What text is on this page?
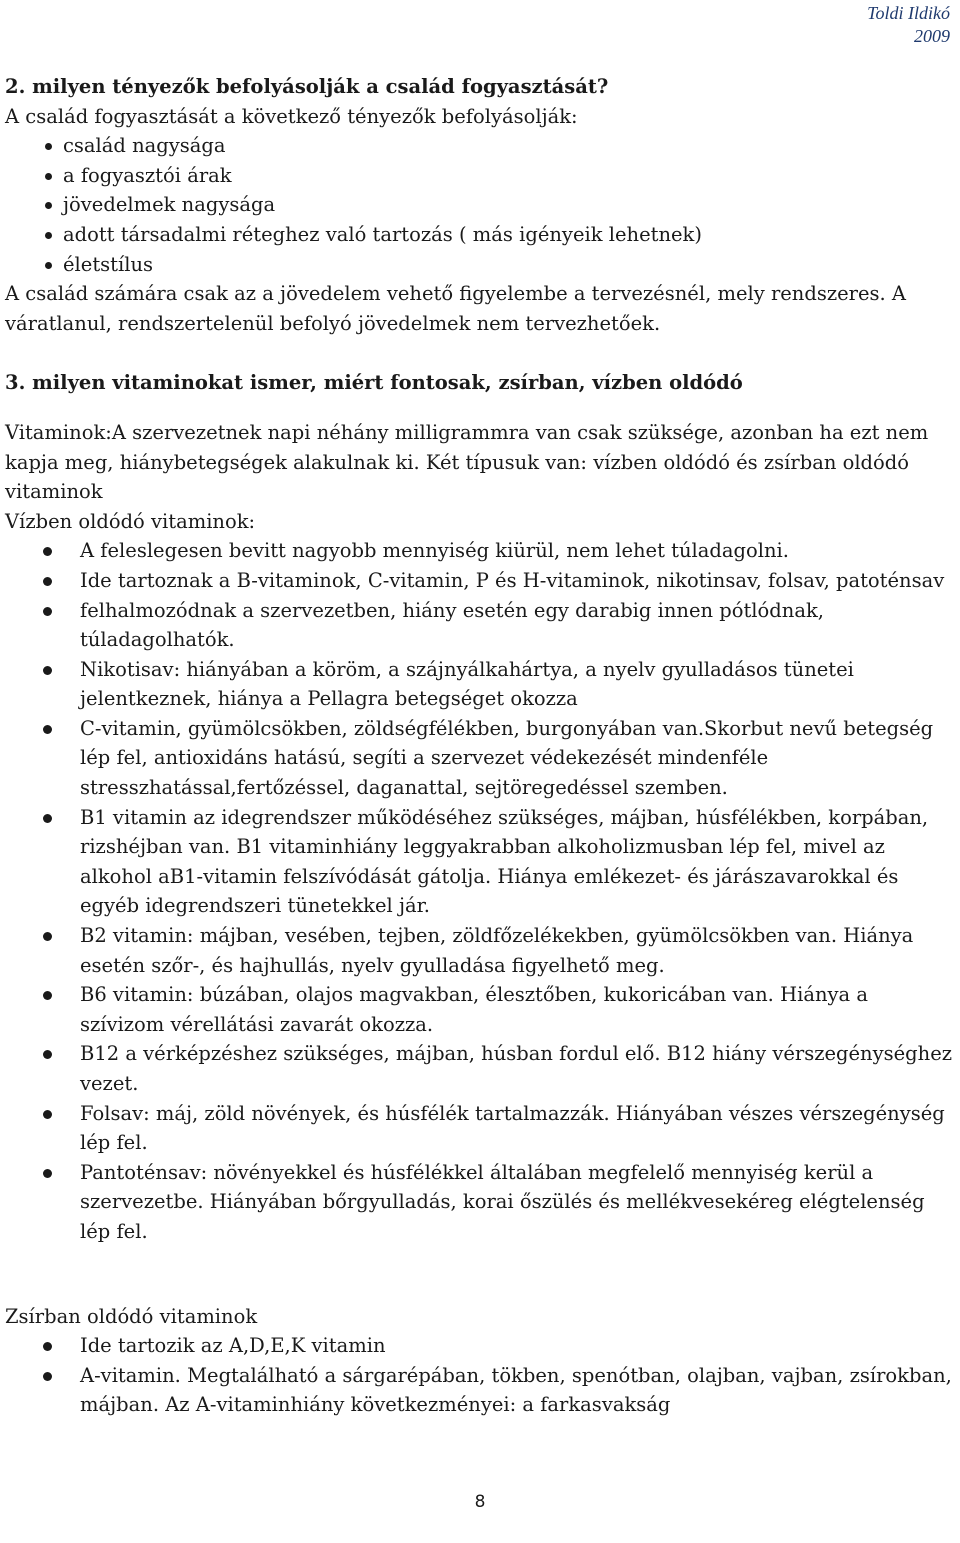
Toldi Ildikó
2009
2. milyen tényezők befolyásolják a család fogyasztását?
A család fogyasztását a következő tényezők befolyásolják:
család nagysága
a fogyasztói árak
jövedelmek nagysága
adott társadalmi réteghez való tartozás ( más igényeik lehetnek)
életstílus
A család számára csak az a jövedelem vehető figyelembe a tervezésnél, mely rendszeres. A váratlanul, rendszertelenül befolyó jövedelmek nem tervezhetőek.
3. milyen vitaminokat ismer, miért fontosak, zsírban, vízben oldódó
Vitaminok:A szervezetnek napi néhány milligrammra van csak szüksége, azonban ha ezt nem kapja meg, hiánybetegségek alakulnak ki. Két típusuk van: vízben oldódó és zsírban oldódó vitaminok
Vízben oldódó vitaminok:
A feleslegesen bevitt nagyobb mennyiség kiürül, nem lehet túladagolni.
Ide tartoznak a B-vitaminok, C-vitamin, P és H-vitaminok, nikotinsav, folsav, patoténsav
felhalmozódnak a szervezetben, hiány esetén egy darabig innen pótlódnak, túladagolhatók.
Nikotisav: hiányában a köröm, a szájnyálkahártya, a nyelv gyulladásos tünetei jelentkeznek, hiánya a Pellagra betegséget okozza
C-vitamin, gyümölcsökben, zöldségfélékben, burgonyában van.Skorbut nevű betegség lép fel, antioxidáns hatású, segíti a szervezet védekezését mindenféle stresszhatással,fertőzéssel, daganattal, sejtöregedéssel szemben.
B1 vitamin az idegrendszer működéséhez szükséges, májban, húsfélékben, korpában, rizshéjban van. B1 vitaminhiány leggyakrabban alkoholizmusban lép fel, mivel az alkohol aB1-vitamin felszívódását gátolja. Hiánya emlékezet- és járászavarokkal és egyéb idegrendszeri tünetekkel jár.
B2 vitamin: májban, vesében, tejben, zöldfőzelékekben, gyümölcsökben van. Hiánya esetén szőr-, és hajhullás, nyelv gyulladása figyelhető meg.
B6 vitamin: búzában, olajos magvakban, élesztőben, kukoricában van. Hiánya a szívizom vérellátási zavarát okozza.
B12 a vérképzéshez szükséges, májban, húsban fordul elő. B12 hiány vérszegénységhez vezet.
Folsav: máj, zöld növények, és húsfélék tartalmazzák. Hiányában vészes vérszegénység lép fel.
Pantoténsav: növényekkel és húsfélékkel általában megfelelő mennyiség kerül a szervezetbe. Hiányában bőrgyulladás, korai őszülés és mellékvesekéreg elégtelenség lép fel.
Zsírban oldódó vitaminok
Ide tartozik az A,D,E,K vitamin
A-vitamin. Megtalálható a sárgarépában, tökben, spenótban, olajban, vajban, zsírokban, májban. Az A-vitaminhiány következményei: a farkasvakság
8
